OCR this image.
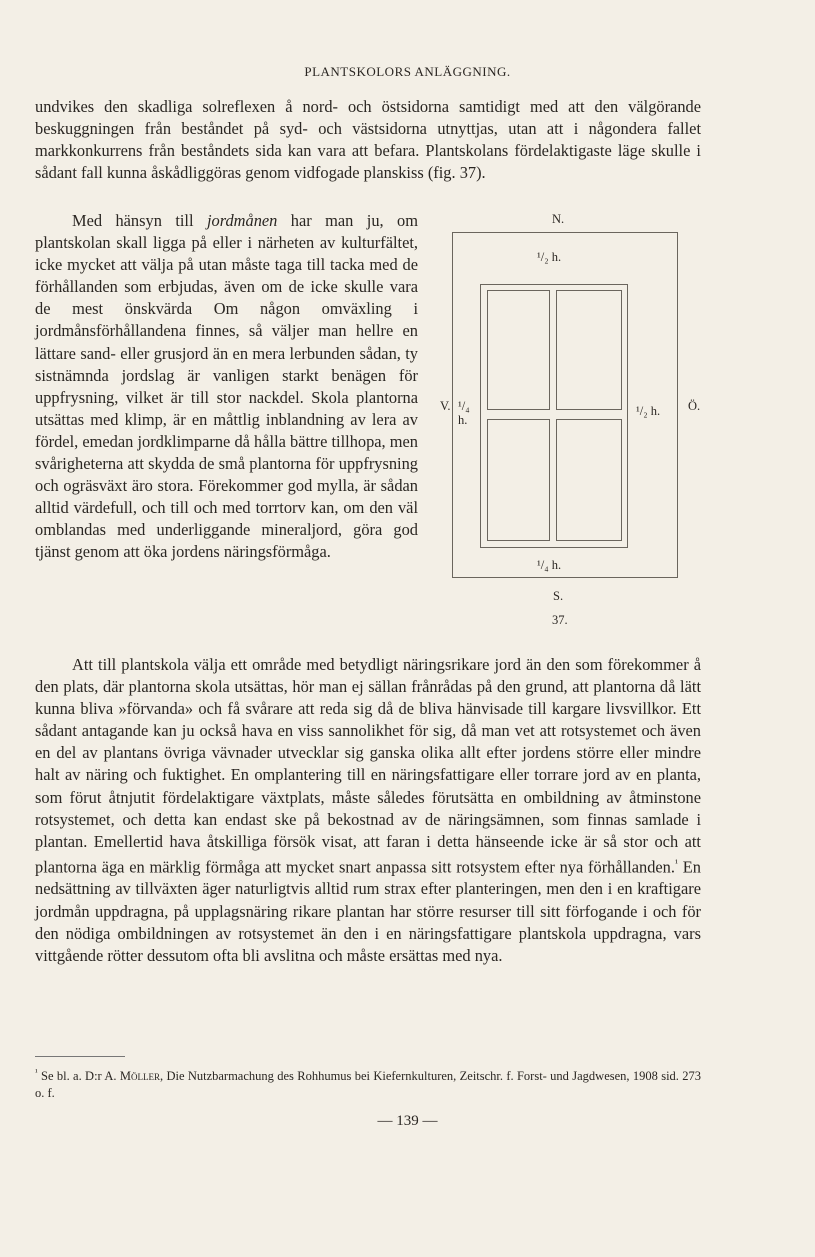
PLANTSKOLORS ANLÄGGNING.

undvikes den skadliga solreflexen å nord- och östsidorna samtidigt med att den välgörande beskuggningen från beståndet på syd- och västsidorna utnyttjas, utan att i någondera fallet markkonkurrens från beståndets sida kan vara att befara. Plantskolans fördelaktigaste läge skulle i sådant fall kunna åskådliggöras genom vidfogade planskiss (fig. 37).

Med hänsyn till jordmånen har man ju, om plantskolan skall ligga på eller i närheten av kulturfältet, icke mycket att välja på utan måste taga till tacka med de förhållanden som erbjudas, även om de icke skulle vara de mest önskvärda Om någon omväxling i jordmånsförhållandena finnes, så väljer man hellre en lättare sand- eller grusjord än en mera lerbunden sådan, ty sistnämnda jordslag är vanligen starkt benägen för uppfrysning, vilket är till stor nackdel. Skola plantorna utsättas med klimp, är en måttlig inblandning av lera av fördel, emedan jordklimparne då hålla bättre tillhopa, men svårigheterna att skydda de små plantorna för uppfrysning och ogräsväxt äro stora. Förekommer god mylla, är sådan alltid värdefull, och till och med torrtorv kan, om den väl omblandas med underliggande mineraljord, göra god tjänst genom att öka jordens näringsförmåga.

N.
¹/₂ h.
V. ¹/₄
h.
¹/₂ h. Ö.
¹/₄ h.
S.
37.

Att till plantskola välja ett område med betydligt näringsrikare jord än den som förekommer å den plats, där plantorna skola utsättas, hör man ej sällan frånrådas på den grund, att plantorna då lätt kunna bliva »förvanda» och få svårare att reda sig då de bliva hänvisade till kargare livsvillkor. Ett sådant antagande kan ju också hava en viss sannolikhet för sig, då man vet att rotsystemet och även en del av plantans övriga vävnader utvecklar sig ganska olika allt efter jordens större eller mindre halt av näring och fuktighet. En omplantering till en näringsfattigare eller torrare jord av en planta, som förut åtnjutit fördelaktigare växtplats, måste således förutsätta en ombildning av åtminstone rotsystemet, och detta kan endast ske på bekostnad av de näringsämnen, som finnas samlade i plantan. Emellertid hava åtskilliga försök visat, att faran i detta hänseende icke är så stor och att plantorna äga en märklig förmåga att mycket snart anpassa sitt rotsystem efter nya förhållanden.$^{^1}$ En nedsättning av tillväxten äger naturligtvis alltid rum strax efter planteringen, men den i en kraftigare jordmån uppdragna, på upplagsnäring rikare plantan har större resurser till sitt förfogande i och för den nödiga ombildningen av rotsystemet än den i en näringsfattigare plantskola uppdragna, vars vittgående rötter dessutom ofta bli avslitna och måste ersättas med nya.

$^{^1}$ Se bl. a. D:r A. Möller, Die Nutzbarmachung des Rohhumus bei Kiefernkulturen, Zeitschr. f. Forst- und Jagdwesen, 1908 sid. 273 o. f.
— 139 —
